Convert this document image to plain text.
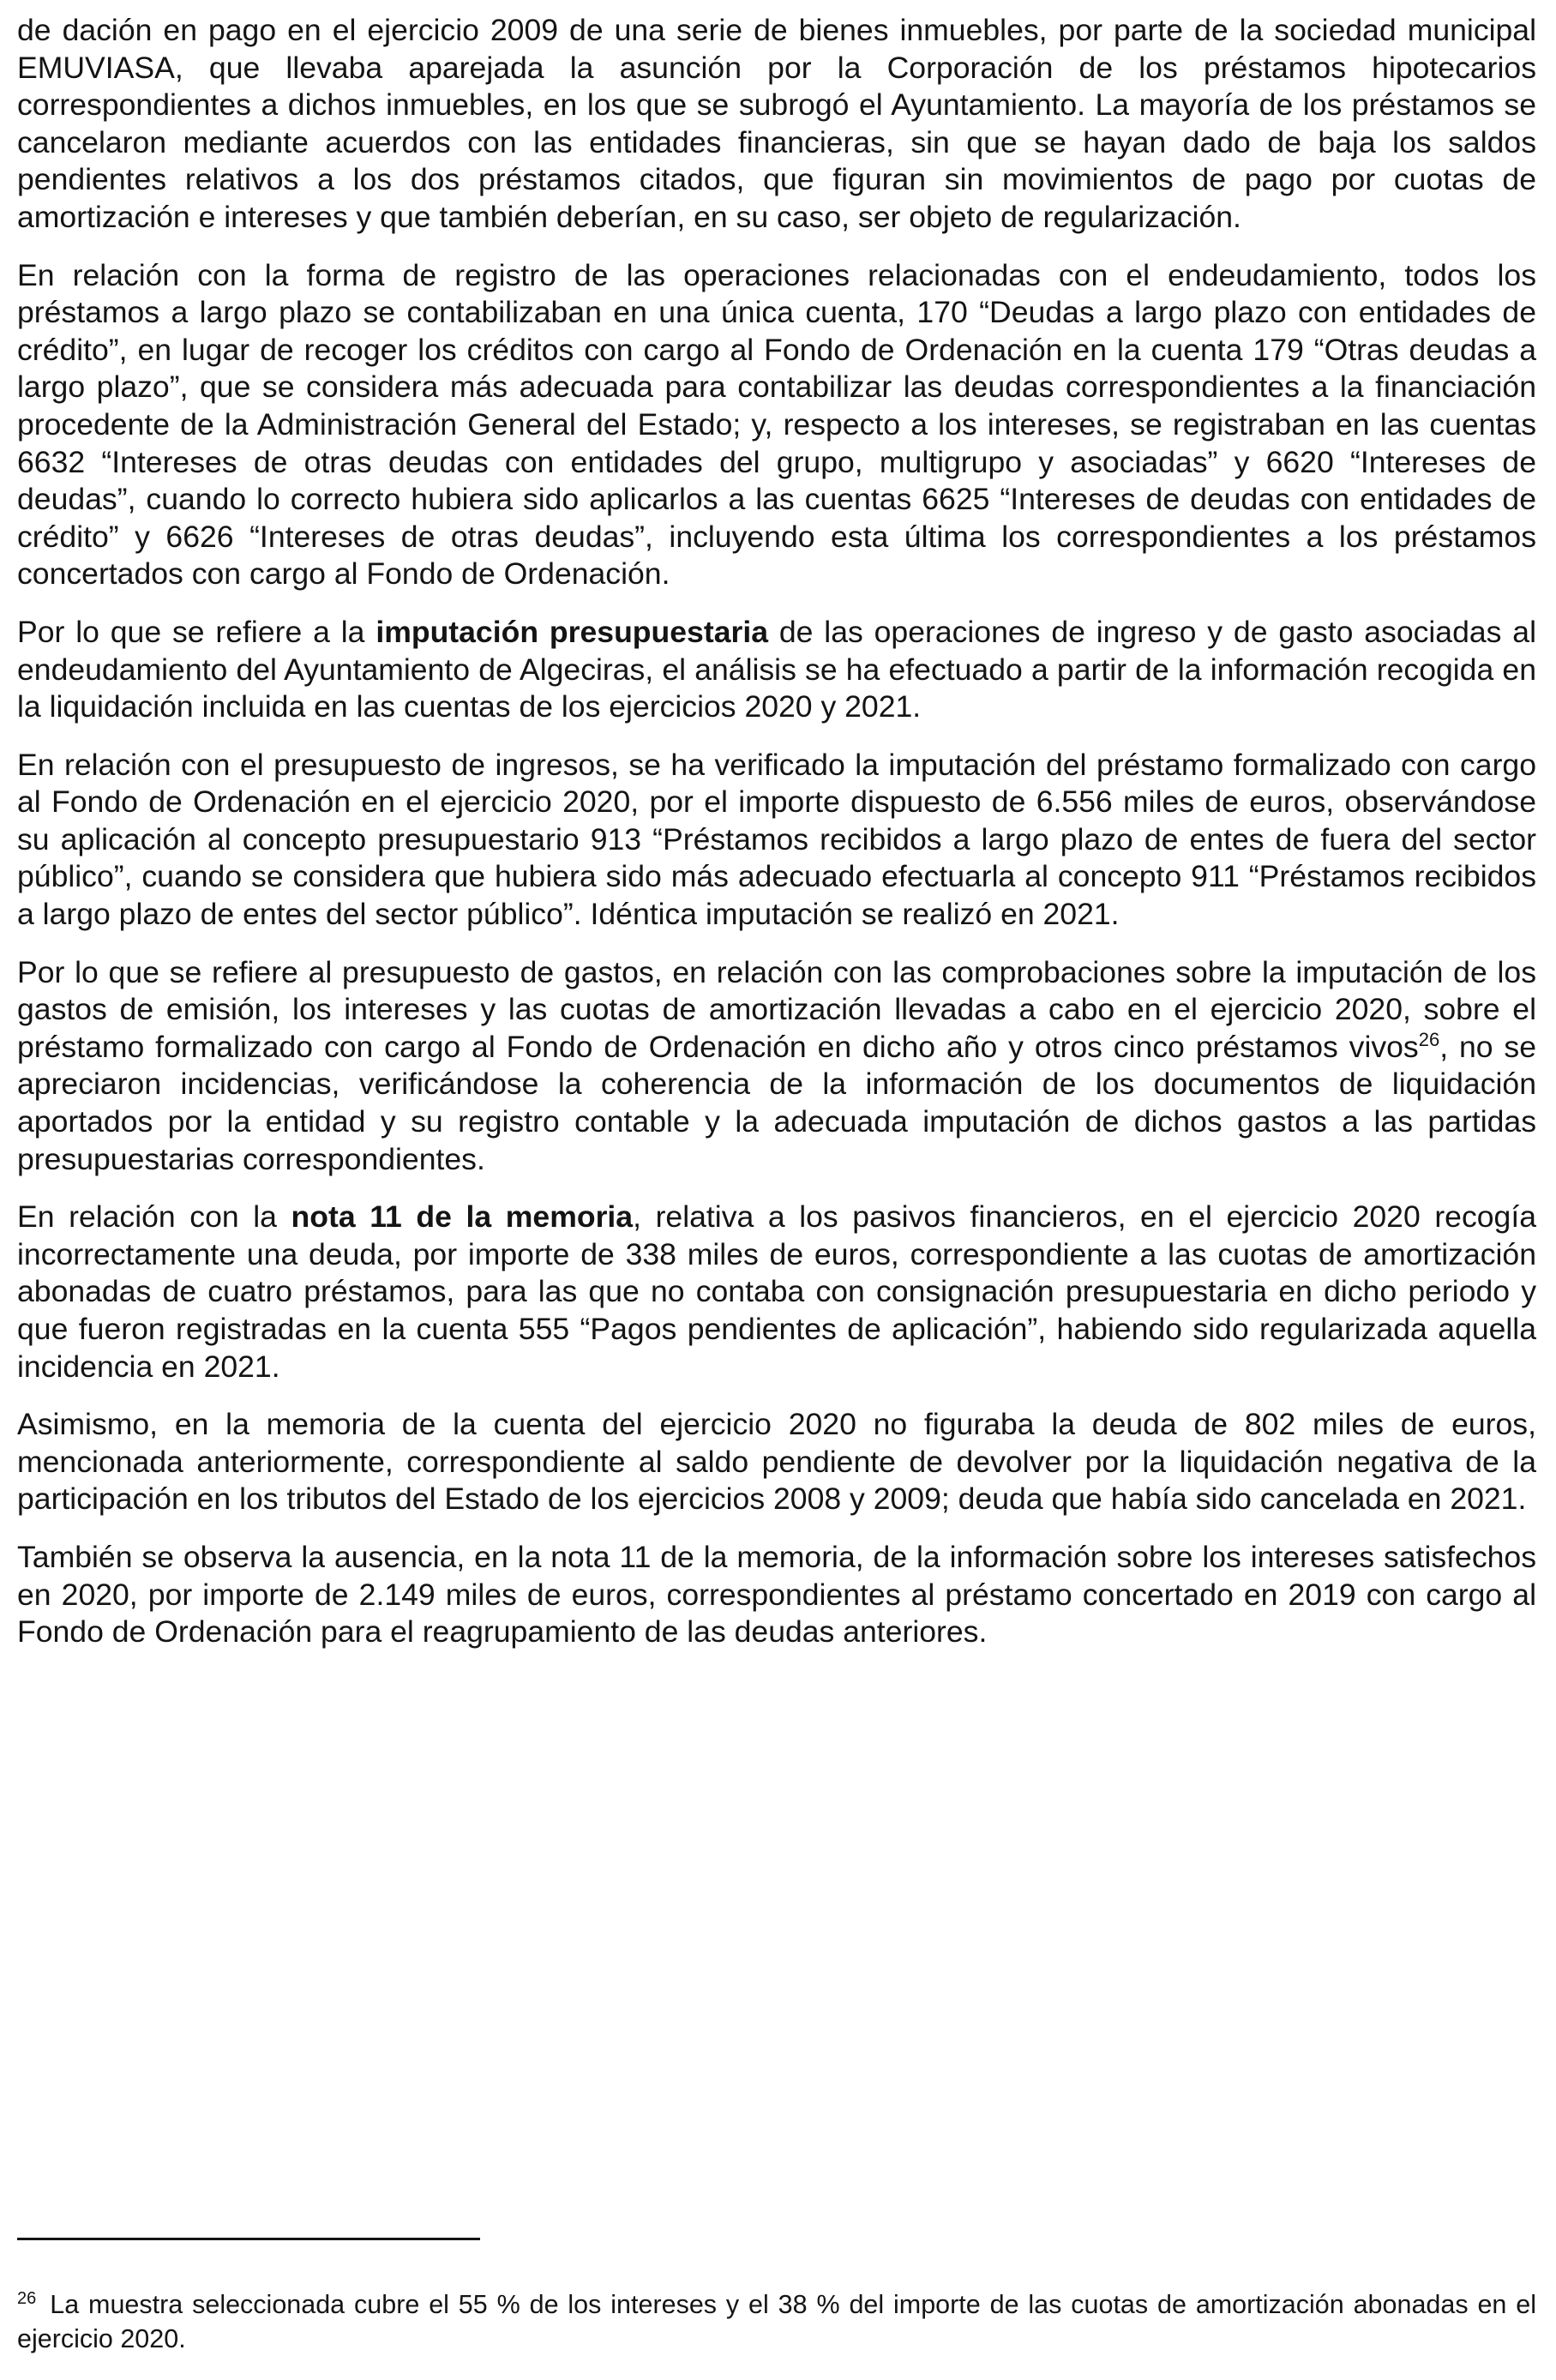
de dación en pago en el ejercicio 2009 de una serie de bienes inmuebles, por parte de la sociedad municipal EMUVIASA, que llevaba aparejada la asunción por la Corporación de los préstamos hipotecarios correspondientes a dichos inmuebles, en los que se subrogó el Ayuntamiento. La mayoría de los préstamos se cancelaron mediante acuerdos con las entidades financieras, sin que se hayan dado de baja los saldos pendientes relativos a los dos préstamos citados, que figuran sin movimientos de pago por cuotas de amortización e intereses y que también deberían, en su caso, ser objeto de regularización.

En relación con la forma de registro de las operaciones relacionadas con el endeudamiento, todos los préstamos a largo plazo se contabilizaban en una única cuenta, 170 “Deudas a largo plazo con entidades de crédito”, en lugar de recoger los créditos con cargo al Fondo de Ordenación en la cuenta 179 “Otras deudas a largo plazo”, que se considera más adecuada para contabilizar las deudas correspondientes a la financiación procedente de la Administración General del Estado; y, respecto a los intereses, se registraban en las cuentas 6632 “Intereses de otras deudas con entidades del grupo, multigrupo y asociadas” y 6620 “Intereses de deudas”, cuando lo correcto hubiera sido aplicarlos a las cuentas 6625 “Intereses de deudas con entidades de crédito” y 6626 “Intereses de otras deudas”, incluyendo esta última los correspondientes a los préstamos concertados con cargo al Fondo de Ordenación.

Por lo que se refiere a la imputación presupuestaria de las operaciones de ingreso y de gasto asociadas al endeudamiento del Ayuntamiento de Algeciras, el análisis se ha efectuado a partir de la información recogida en la liquidación incluida en las cuentas de los ejercicios 2020 y 2021.

En relación con el presupuesto de ingresos, se ha verificado la imputación del préstamo formalizado con cargo al Fondo de Ordenación en el ejercicio 2020, por el importe dispuesto de 6.556 miles de euros, observándose su aplicación al concepto presupuestario 913 “Préstamos recibidos a largo plazo de entes de fuera del sector público”, cuando se considera que hubiera sido más adecuado efectuarla al concepto 911 “Préstamos recibidos a largo plazo de entes del sector público”. Idéntica imputación se realizó en 2021.

Por lo que se refiere al presupuesto de gastos, en relación con las comprobaciones sobre la imputación de los gastos de emisión, los intereses y las cuotas de amortización llevadas a cabo en el ejercicio 2020, sobre el préstamo formalizado con cargo al Fondo de Ordenación en dicho año y otros cinco préstamos vivos$^{26}$, no se apreciaron incidencias, verificándose la coherencia de la información de los documentos de liquidación aportados por la entidad y su registro contable y la adecuada imputación de dichos gastos a las partidas presupuestarias correspondientes.

En relación con la nota 11 de la memoria, relativa a los pasivos financieros, en el ejercicio 2020 recogía incorrectamente una deuda, por importe de 338 miles de euros, correspondiente a las cuotas de amortización abonadas de cuatro préstamos, para las que no contaba con consignación presupuestaria en dicho periodo y que fueron registradas en la cuenta 555 “Pagos pendientes de aplicación”, habiendo sido regularizada aquella incidencia en 2021.

Asimismo, en la memoria de la cuenta del ejercicio 2020 no figuraba la deuda de 802 miles de euros, mencionada anteriormente, correspondiente al saldo pendiente de devolver por la liquidación negativa de la participación en los tributos del Estado de los ejercicios 2008 y 2009; deuda que había sido cancelada en 2021.

También se observa la ausencia, en la nota 11 de la memoria, de la información sobre los intereses satisfechos en 2020, por importe de 2.149 miles de euros, correspondientes al préstamo concertado en 2019 con cargo al Fondo de Ordenación para el reagrupamiento de las deudas anteriores.

$^{26}$ La muestra seleccionada cubre el 55 % de los intereses y el 38 % del importe de las cuotas de amortización abonadas en el ejercicio 2020.
